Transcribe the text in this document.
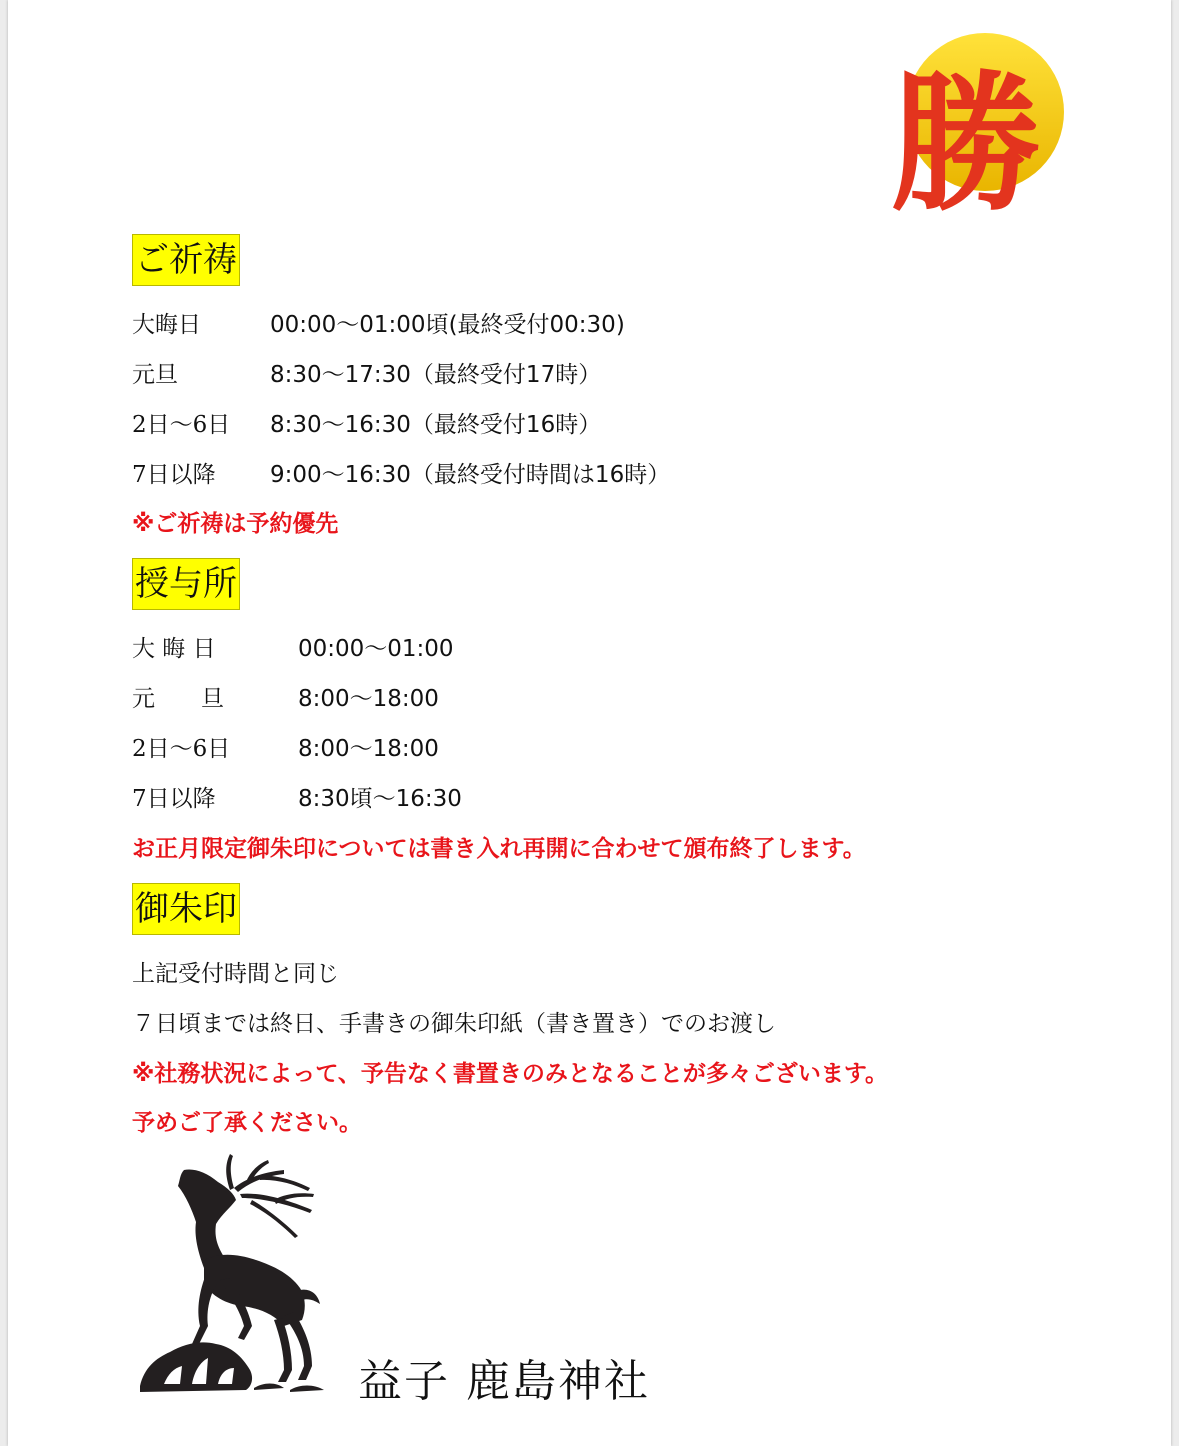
勝
ご祈祷
大晦日	00:00～01:00頃(最終受付00:30)
元旦	8:30～17:30（最終受付17時）
2日～6日 8:30～16:30（最終受付16時）
7日以降 9:00～16:30（最終受付時間は16時）
※ご祈祷は予約優先
授与所
大 晦 日	00:00～01:00
元　　旦	8:00～18:00
2日～6日	8:00～18:00
7日以降	8:30頃～16:30
お正月限定御朱印については書き入れ再開に合わせて頒布終了します。
御朱印
上記受付時間と同じ
７日頃までは終日、手書きの御朱印紙（書き置き）でのお渡し
※社務状況によって、予告なく書置きのみとなることが多々ございます。
予めご了承ください。
益子 鹿島神社
